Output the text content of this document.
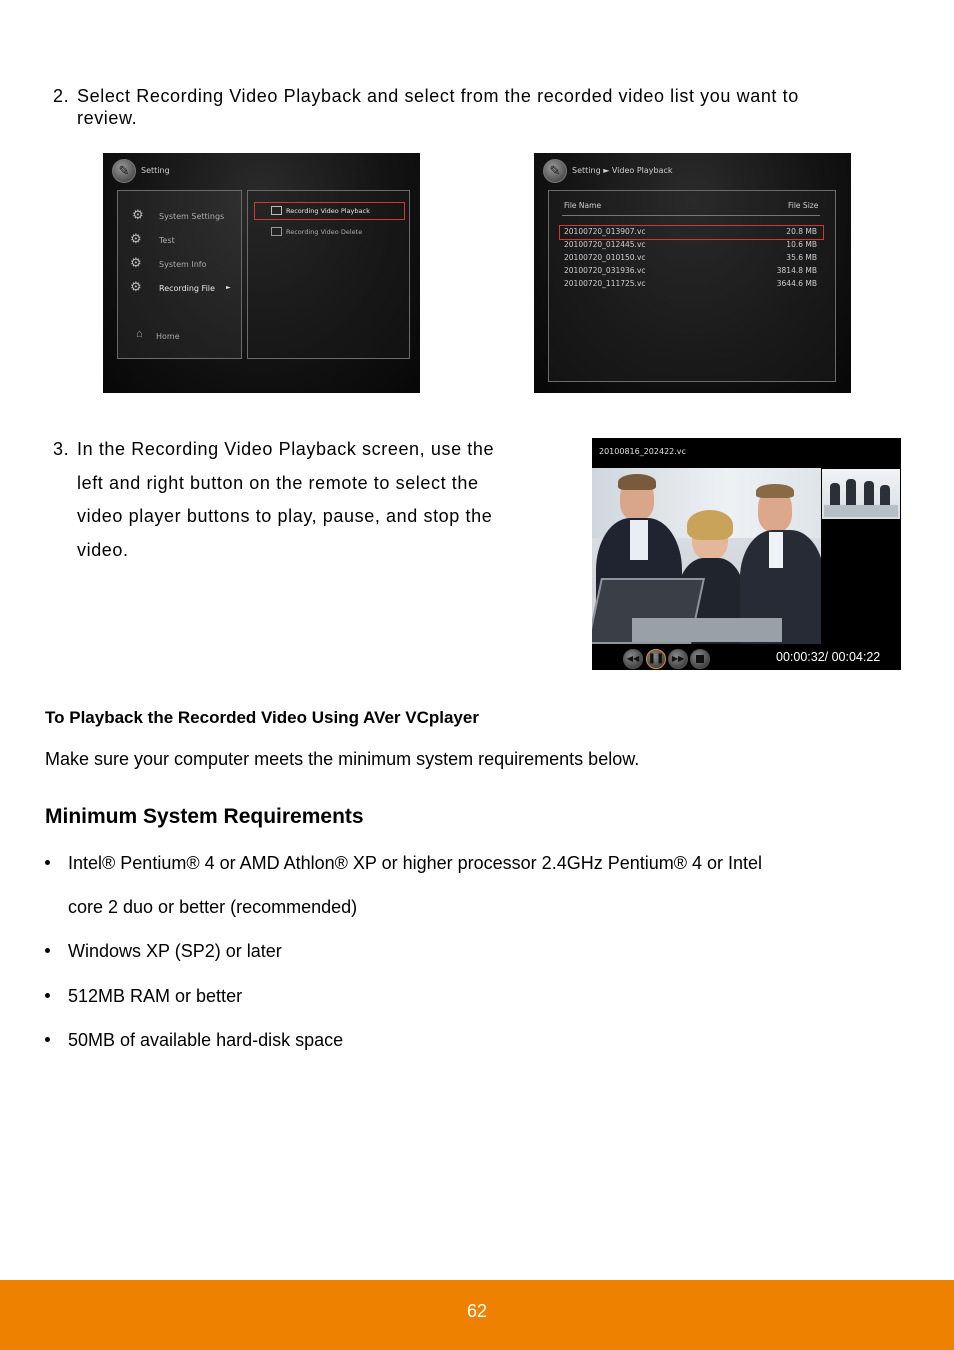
2. Select Recording Video Playback and select from the recorded video list you want to
review.
✎	Setting
⚙ System Settings
⚙ Test
⚙ System Info
⚙ Recording File ►
⌂ Home
Recording Video Playback
Recording Video Delete
✎	Setting ► Video Playback
File Name	File Size
20100720_013907.vc	20.8 MB
20100720_012445.vc	10.6 MB
20100720_010150.vc	35.6 MB
20100720_031936.vc	3814.8 MB
20100720_111725.vc	3644.6 MB
3. In the Recording Video Playback screen, use the
left and right button on the remote to select the
video player buttons to play, pause, and stop the
video.
20100816_202422.vc
◀◀ ❚❚ ▶▶	00:00:32/ 00:04:22
To Playback the Recorded Video Using AVer VCplayer
Make sure your computer meets the minimum system requirements below.
Minimum System Requirements
Intel® Pentium® 4 or AMD Athlon® XP or higher processor 2.4GHz Pentium® 4 or Intel
core 2 duo or better (recommended)
Windows XP (SP2) or later
512MB RAM or better
50MB of available hard-disk space
62
